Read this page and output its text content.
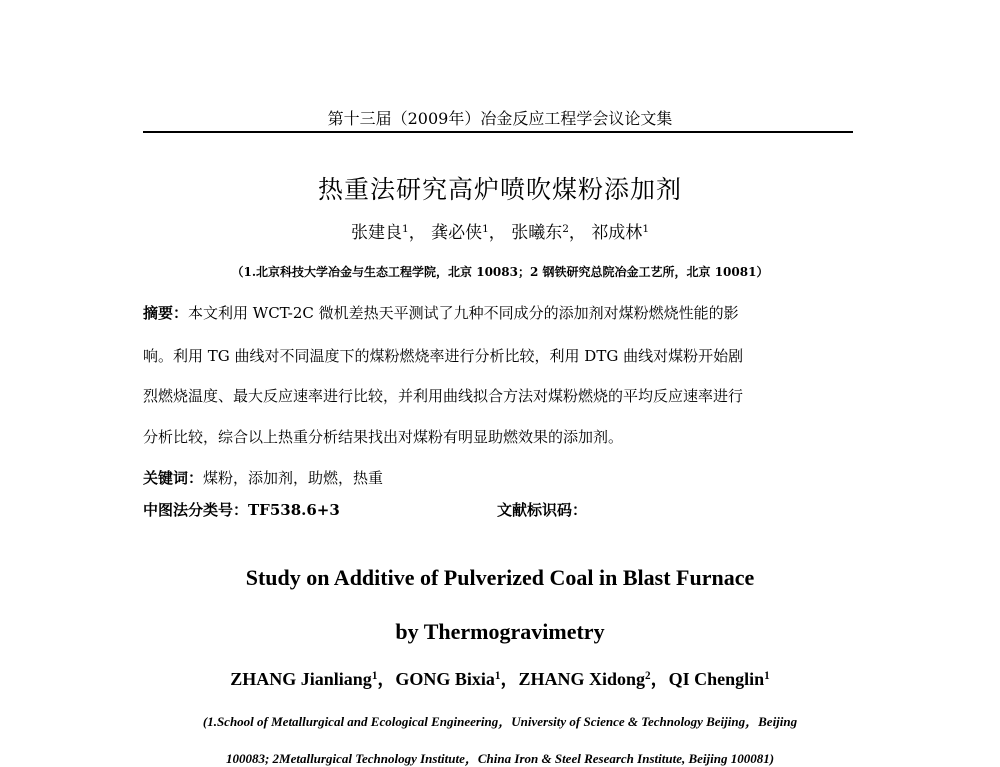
第十三届（2009年）冶金反应工程学会议论文集
热重法研究高炉喷吹煤粉添加剂
张建良$^1$， 龚必侠$^1$， 张曦东$^2$， 祁成林$^1$
（1.北京科技大学冶金与生态工程学院，北京 10083；2 钢铁研究总院冶金工艺所，北京 10081）
摘要：本文利用 WCT-2C 微机差热天平测试了九种不同成分的添加剂对煤粉燃烧性能的影
响。利用 TG 曲线对不同温度下的煤粉燃烧率进行分析比较，利用 DTG 曲线对煤粉开始剧
烈燃烧温度、最大反应速率进行比较，并利用曲线拟合方法对煤粉燃烧的平均反应速率进行
分析比较，综合以上热重分析结果找出对煤粉有明显助燃效果的添加剂。
关键词：煤粉，添加剂，助燃，热重
中图法分类号：TF538.6+3	文献标识码：
Study on Additive of Pulverized Coal in Blast Furnace
by Thermogravimetry
ZHANG Jianliang$^1$，GONG Bixia$^1$，ZHANG Xidong$^2$，QI Chenglin$^1$
(1.School of Metallurgical and Ecological Engineering，University of Science & Technology Beijing，Beijing
100083; 2Metallurgical Technology Institute，China Iron & Steel Research Institute, Beijing 100081)
